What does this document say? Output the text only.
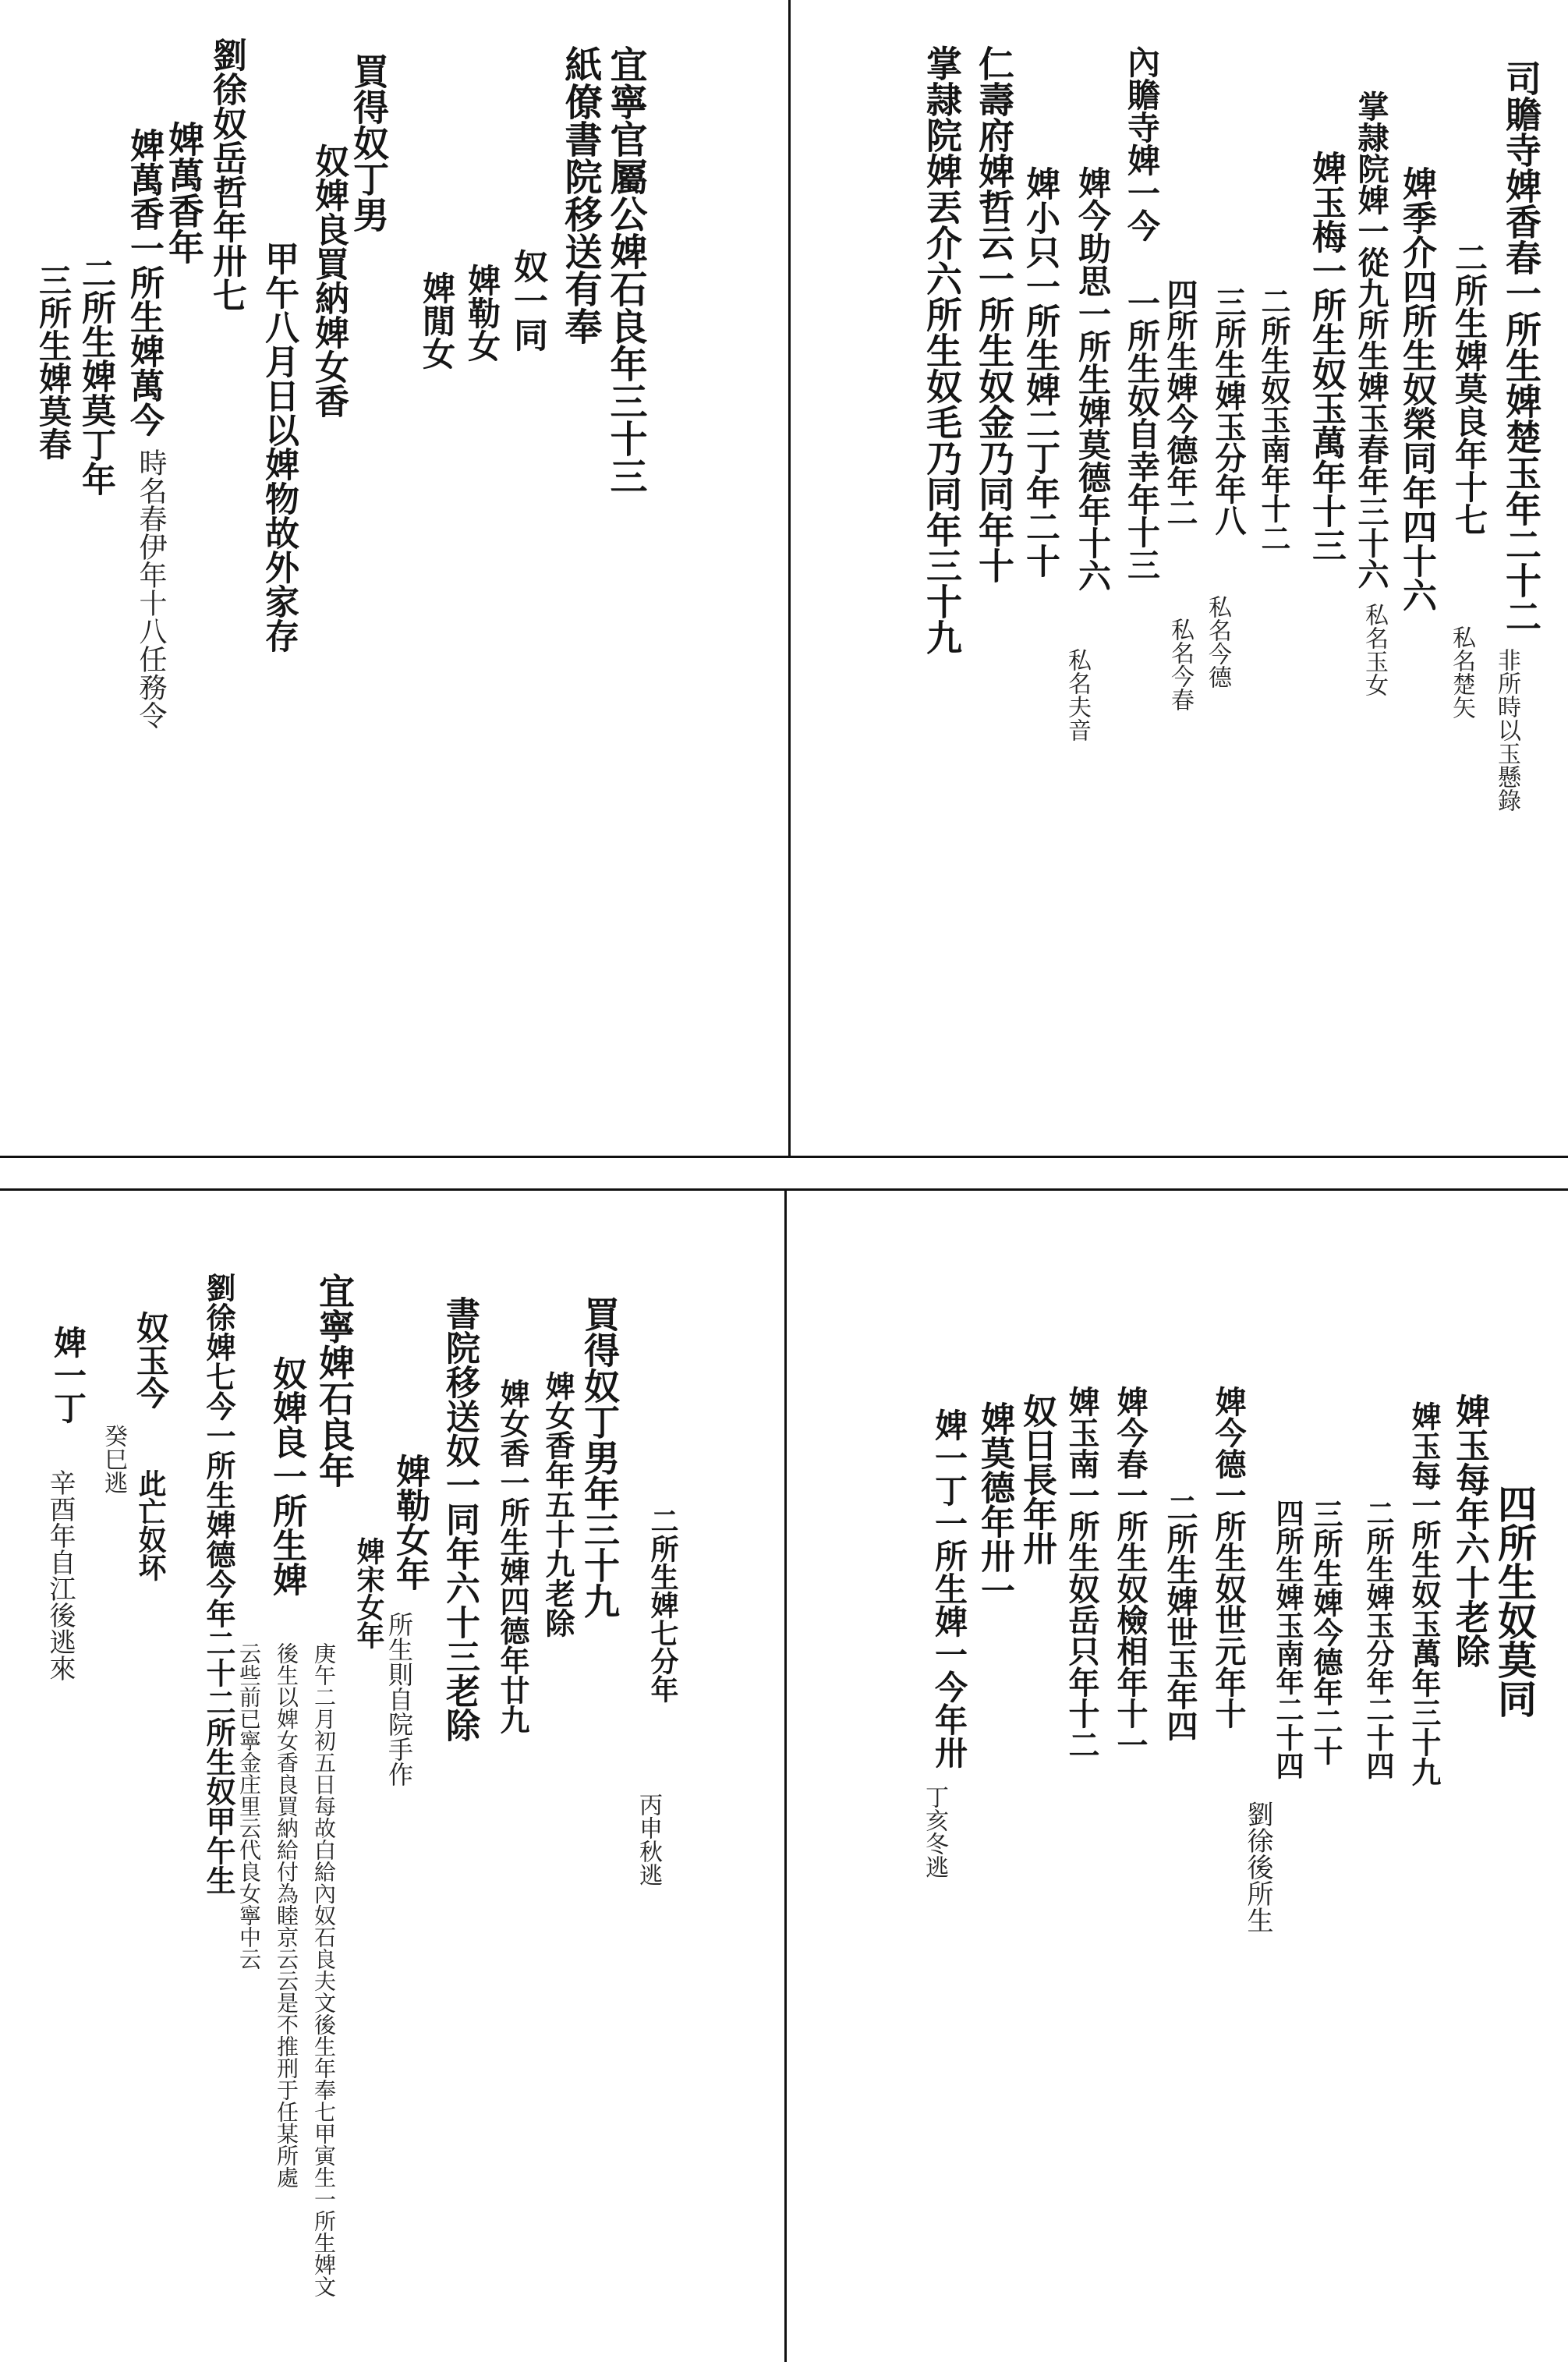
司贍寺婢香春一所生婢楚玉年二十二
二所生婢莫良年十七
婢季介四所生奴榮同年四十六
掌隷院婢一從九所生婢玉春年三十六
婢玉梅一所生奴玉萬年十三
二所生奴玉南年十二
三所生婢玉分年八
四所生婢今德年二
內贍寺婢一今
一所生奴自幸年十三
婢今助思一所生婢莫德年十六
婢小只一所生婢二丁年二十
仁壽府婢哲云一所生奴金乃同年十
掌隷院婢丟介六所生奴毛乃同年三十九
非所時以玉懸錄
私名楚矢
私名玉女
私名今德
私名今春
私名夫音
宜寧官屬公婢石良年三十三
紙僚書院移送有奉
奴一同
婢勒女
婢閒女
買得奴丁男
奴婢良買納婢女香
甲午八月日以婢物故外家存
劉徐奴岳哲年卅七
婢萬香年
婢萬香一所生婢萬今
二所生婢莫丁年
三所生婢莫春
時名春伊年十八任務令
四所生奴莫同
婢玉每年六十老除
婢玉每一所生奴玉萬年三十九
二所生婢玉分年二十四
三所生婢今德年二十
四所生婢玉南年二十四
婢今德一所生奴世元年十
二所生婢世玉年四
婢今春一所生奴檢相年十一
婢玉南一所生奴岳只年十二
奴日長年卅
婢莫德年卅一
婢一丁一所生婢一今年卅
劉徐後所生
丁亥冬逃
二所生婢七分年
買得奴丁男年三十九
婢女香年五十九老除
婢女香一所生婢四德年廿九
書院移送奴一同年六十三老除
婢勒女年
婢宋女年
宜寧婢石良年
奴婢良一所生婢
劉徐婢七今一所生婢德今年二十二所生奴甲午生
奴玉今
此亡奴坏
婢一丁
丙申秋逃
所生則自院手作
庚午二月初五日每故白給內奴石良夫文後生年奉七甲寅生一所生婢文
後生以婢女香良買納給付為睦京云云是不推刑于任某所處
云些前已寧金庄里云代良女寧中云
癸巳逃
辛酉年自江後逃來
